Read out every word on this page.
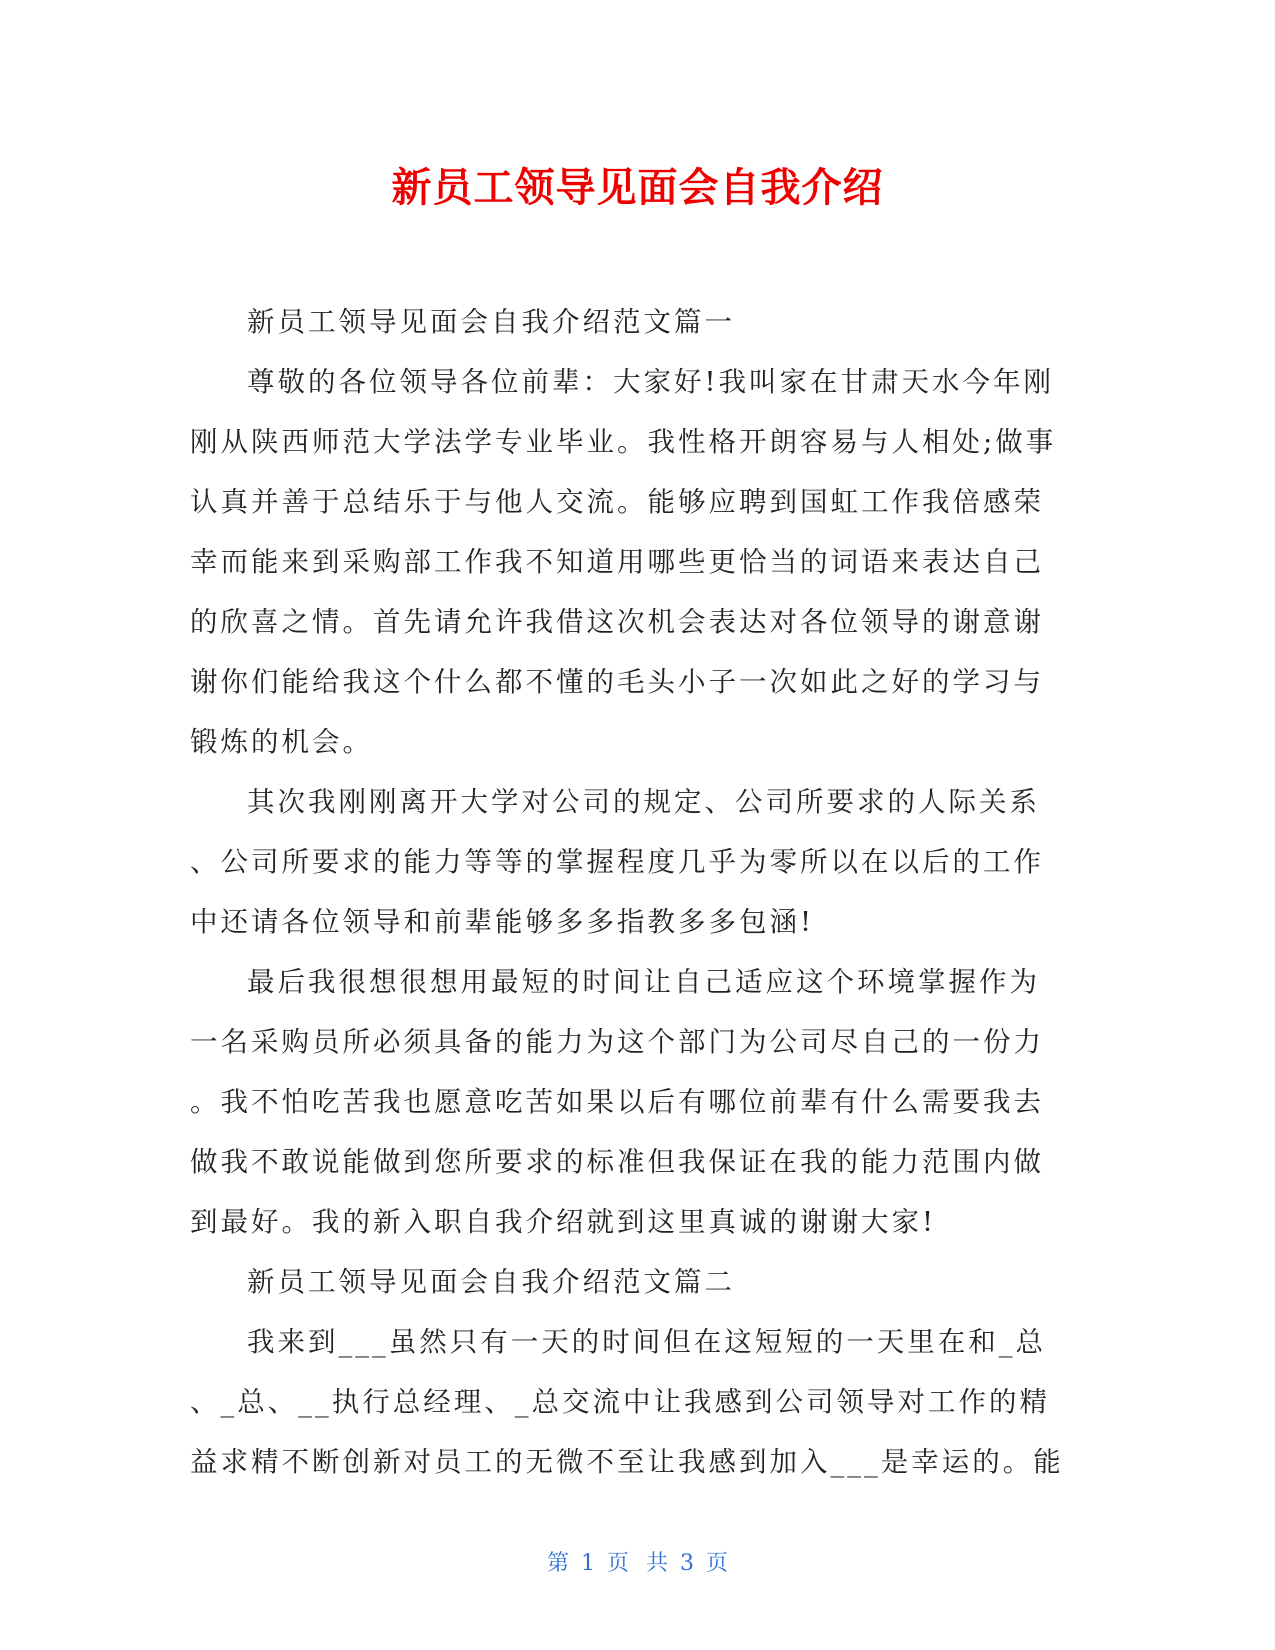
新员工领导见面会自我介绍
新员工领导见面会自我介绍范文篇一
尊敬的各位领导各位前辈：大家好!我叫家在甘肃天水今年刚
刚从陕西师范大学法学专业毕业。我性格开朗容易与人相处;做事
认真并善于总结乐于与他人交流。能够应聘到国虹工作我倍感荣
幸而能来到采购部工作我不知道用哪些更恰当的词语来表达自己
的欣喜之情。首先请允许我借这次机会表达对各位领导的谢意谢
谢你们能给我这个什么都不懂的毛头小子一次如此之好的学习与
锻炼的机会。
其次我刚刚离开大学对公司的规定、公司所要求的人际关系
、公司所要求的能力等等的掌握程度几乎为零所以在以后的工作
中还请各位领导和前辈能够多多指教多多包涵!
最后我很想很想用最短的时间让自己适应这个环境掌握作为
一名采购员所必须具备的能力为这个部门为公司尽自己的一份力
。我不怕吃苦我也愿意吃苦如果以后有哪位前辈有什么需要我去
做我不敢说能做到您所要求的标准但我保证在我的能力范围内做
到最好。我的新入职自我介绍就到这里真诚的谢谢大家!
新员工领导见面会自我介绍范文篇二
我来到___虽然只有一天的时间但在这短短的一天里在和_总
、_总、__执行总经理、_总交流中让我感到公司领导对工作的精
益求精不断创新对员工的无微不至让我感到加入___是幸运的。能
第 1 页 共 3 页
